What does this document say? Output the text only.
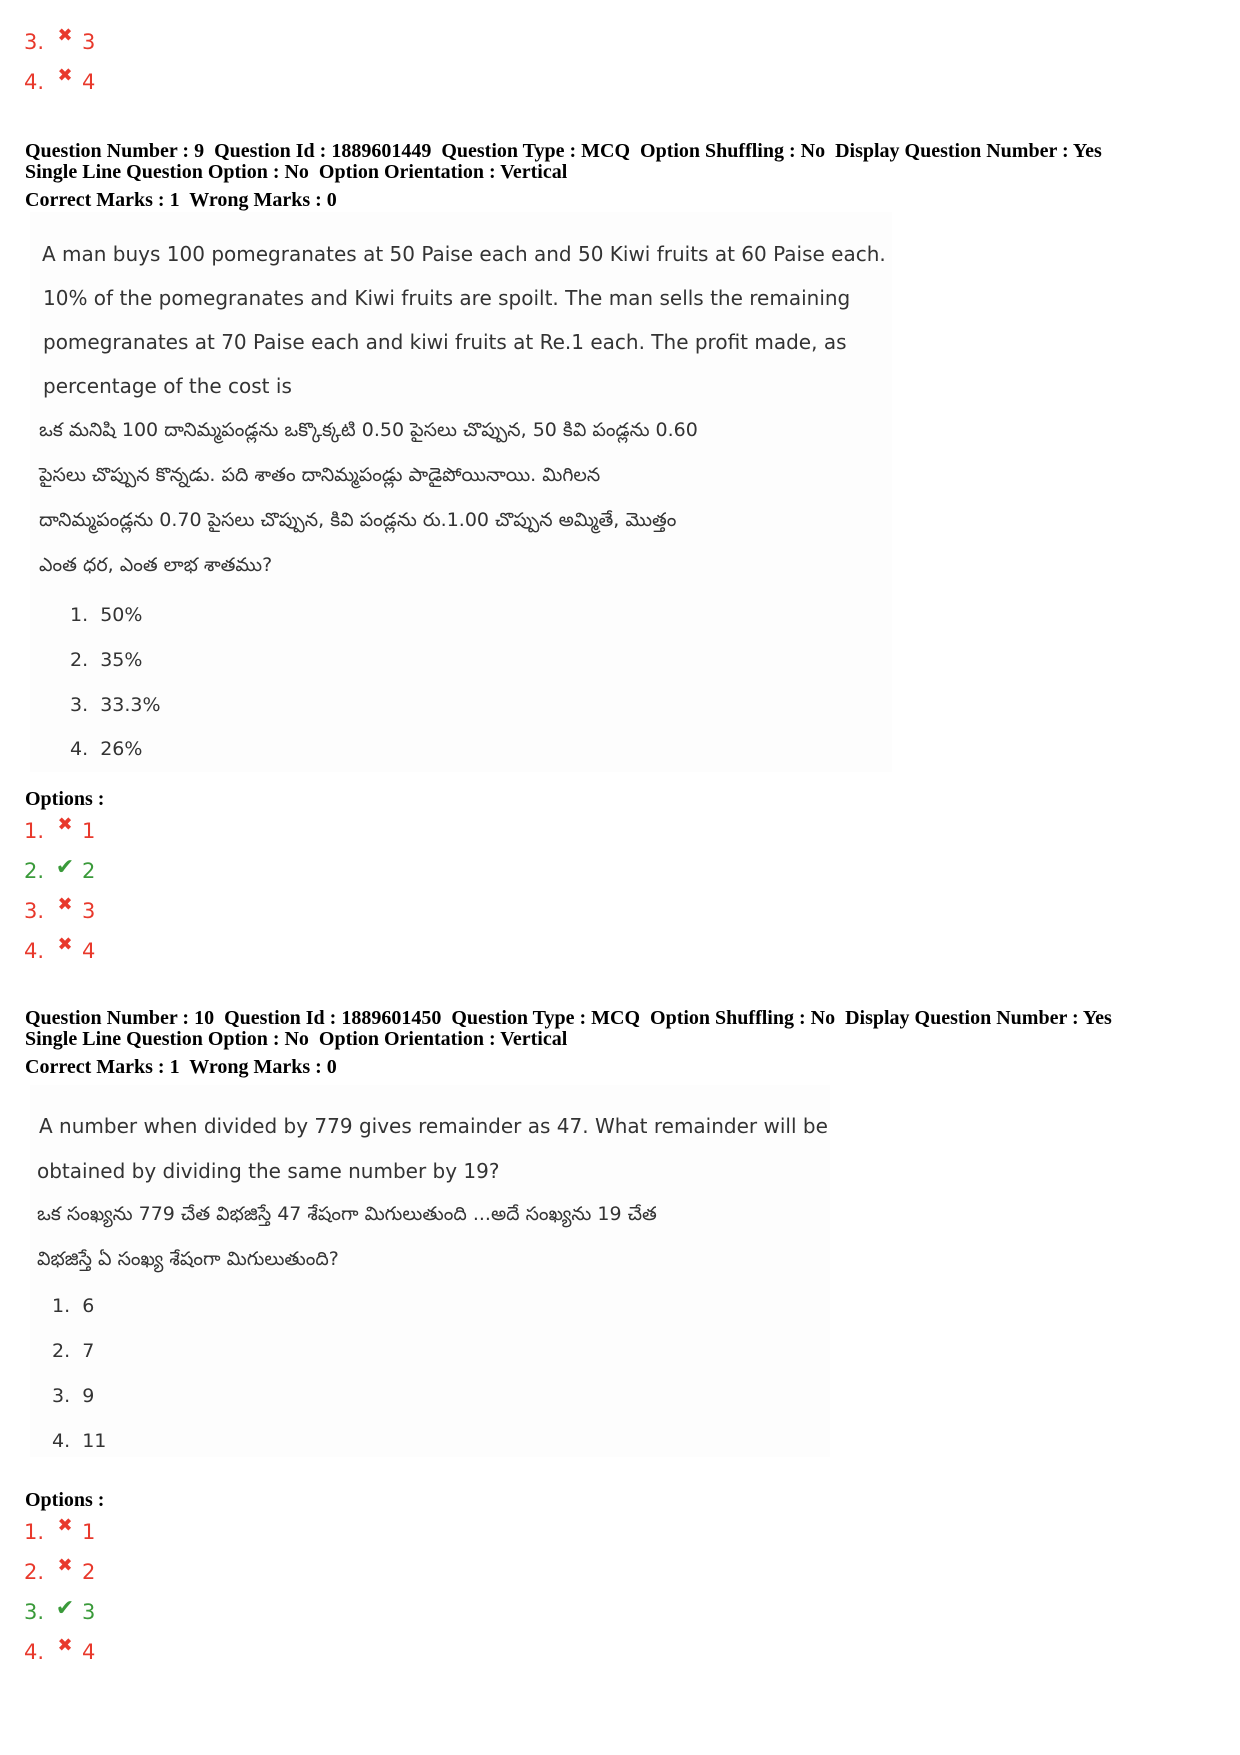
3. ✖ 3
4. ✖ 4
Question Number : 9  Question Id : 1889601449  Question Type : MCQ  Option Shuffling : No  Display Question Number : Yes
Single Line Question Option : No  Option Orientation : Vertical
Correct Marks : 1  Wrong Marks : 0
A man buys 100 pomegranates at 50 Paise each and 50 Kiwi fruits at 60 Paise each.
10% of the pomegranates and Kiwi fruits are spoilt. The man sells the remaining
pomegranates at 70 Paise each and kiwi fruits at Re.1 each. The profit made, as
percentage of the cost is
ఒక మనిషి 100 దానిమ్మపండ్లను ఒక్కొక్కటి 0.50 పైసలు చొప్పున, 50 కివి పండ్లను 0.60
పైసలు చొప్పున కొన్నడు. పది శాతం దానిమ్మపండ్లు పాడైపోయినాయి. మిగిలన
దానిమ్మపండ్లను 0.70 పైసలు చొప్పున, కివి పండ్లను రు.1.00 చొప్పున అమ్మితే, మొత్తం
ఎంత ధర, ఎంత లాభ శాతము?
1.  50%
2.  35%
3.  33.3%
4.  26%
Options :
1. ✖ 1
2. ✔ 2
3. ✖ 3
4. ✖ 4
Question Number : 10  Question Id : 1889601450  Question Type : MCQ  Option Shuffling : No  Display Question Number : Yes
Single Line Question Option : No  Option Orientation : Vertical
Correct Marks : 1  Wrong Marks : 0
A number when divided by 779 gives remainder as 47. What remainder will be
obtained by dividing the same number by 19?
ఒక సంఖ్యను 779 చేత విభజిస్తే 47 శేషంగా మిగులుతుంది ...అదే సంఖ్యను 19 చేత
విభజిస్తే ఏ సంఖ్య శేషంగా మిగులుతుంది?
1.  6
2.  7
3.  9
4.  11
Options :
1. ✖ 1
2. ✖ 2
3. ✔ 3
4. ✖ 4
